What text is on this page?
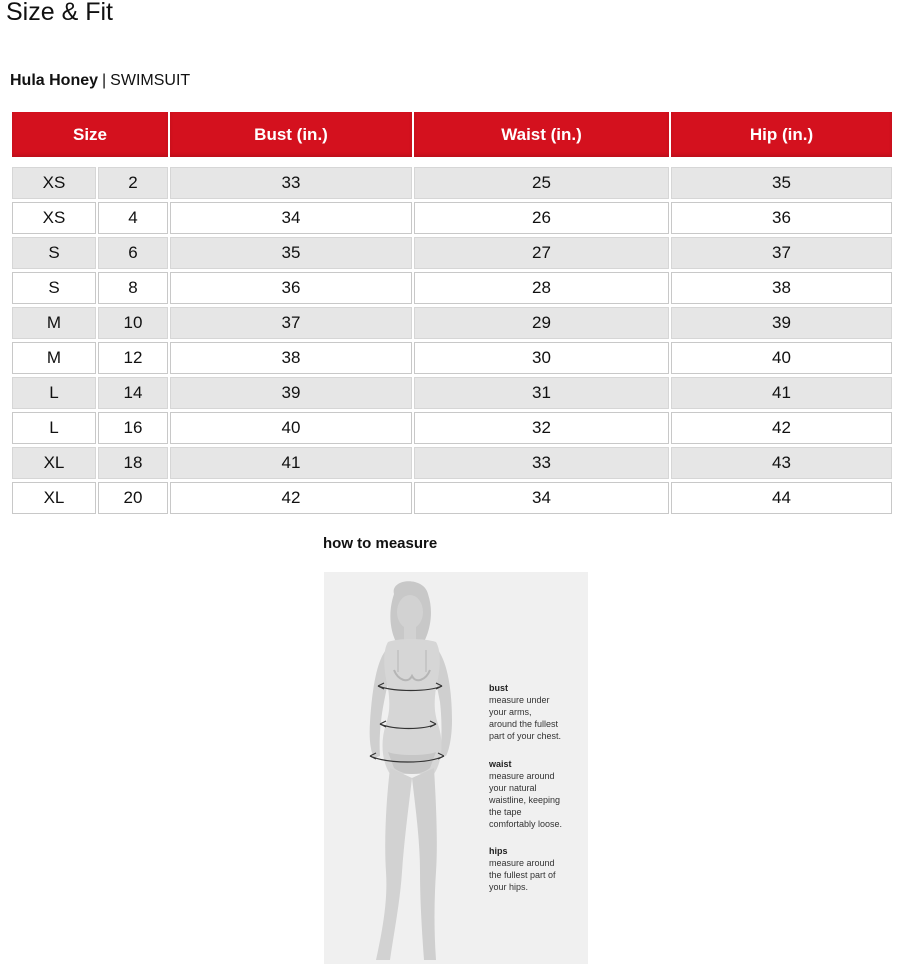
Size & Fit
Hula Honey | SWIMSUIT
Size	Bust (in.)	Waist (in.)	Hip (in.)
XS	2	33	25	35
XS	4	34	26	36
S	6	35	27	37
S	8	36	28	38
M	10	37	29	39
M	12	38	30	40
L	14	39	31	41
L	16	40	32	42
XL	18	41	33	43
XL	20	42	34	44
how to measure
bust
measure under
your arms,
around the fullest
part of your chest.
waist
measure around
your natural
waistline, keeping
the tape
comfortably loose.
hips
measure around
the fullest part of
your hips.
